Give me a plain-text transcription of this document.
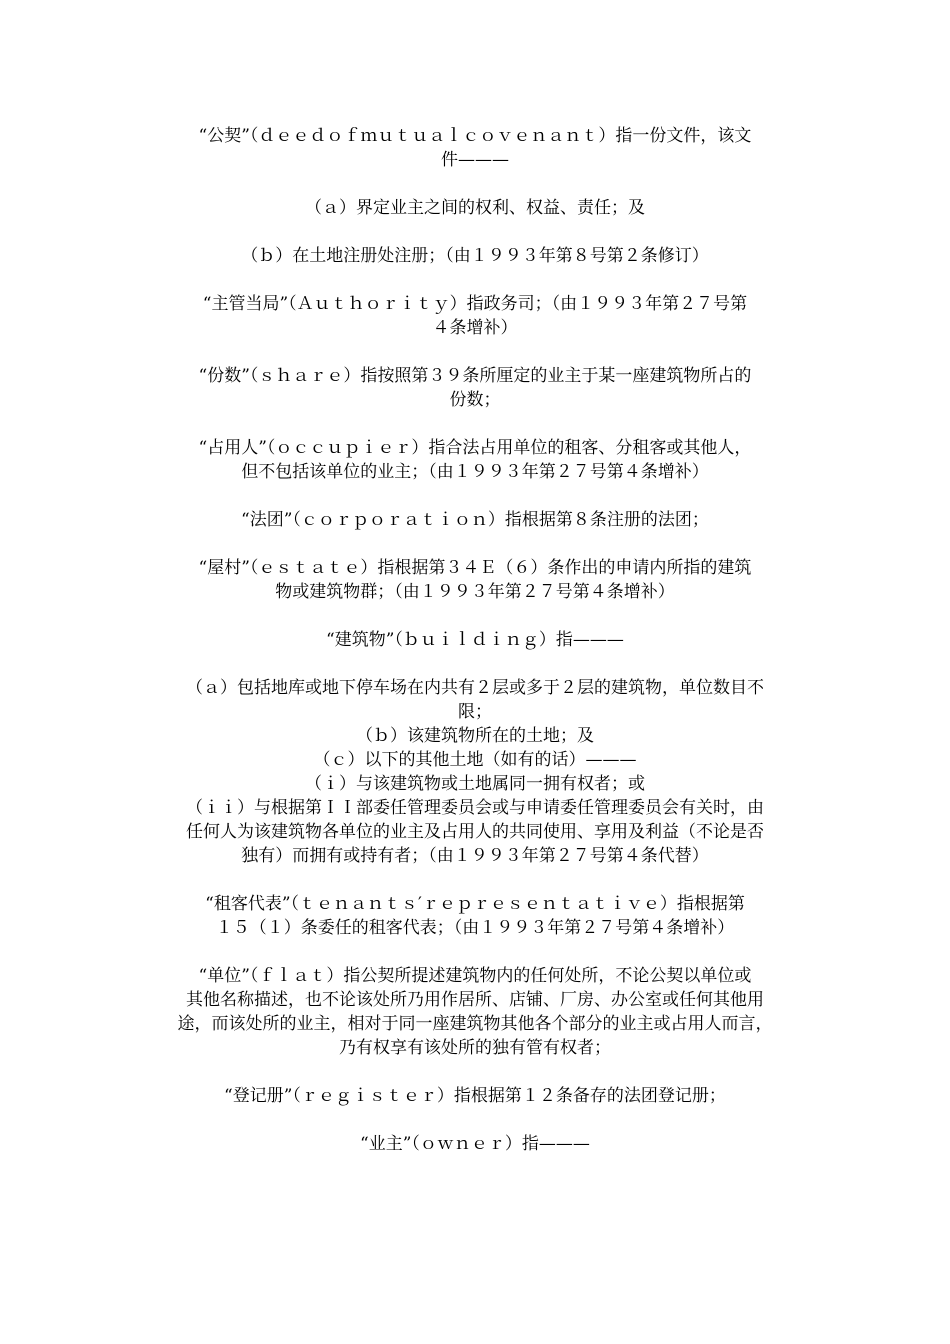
“公契”（ｄｅｅｄｏｆｍｕｔｕａｌｃｏｖｅｎａｎｔ）指一份文件，该文
件———
（ａ）界定业主之间的权利、权益、责任；及
（ｂ）在土地注册处注册；（由１９９３年第８号第２条修订）
“主管当局”（Ａｕｔｈｏｒｉｔｙ）指政务司；（由１９９３年第２７号第
４条增补）
“份数”（ｓｈａｒｅ）指按照第３９条所厘定的业主于某一座建筑物所占的
份数；
“占用人”（ｏｃｃｕｐｉｅｒ）指合法占用单位的租客、分租客或其他人，
但不包括该单位的业主；（由１９９３年第２７号第４条增补）
“法团”（ｃｏｒｐｏｒａｔｉｏｎ）指根据第８条注册的法团；
“屋村”（ｅｓｔａｔｅ）指根据第３４Ｅ（６）条作出的申请内所指的建筑
物或建筑物群；（由１９９３年第２７号第４条增补）
“建筑物”（ｂｕｉｌｄｉｎｇ）指———
（ａ）包括地库或地下停车场在内共有２层或多于２层的建筑物，单位数目不
限；
（ｂ）该建筑物所在的土地；及
（ｃ）以下的其他土地（如有的话）———
（ｉ）与该建筑物或土地属同一拥有权者；或
（ｉｉ）与根据第ＩＩ部委任管理委员会或与申请委任管理委员会有关时，由
任何人为该建筑物各单位的业主及占用人的共同使用、享用及利益（不论是否
独有）而拥有或持有者；（由１９９３年第２７号第４条代替）
“租客代表”（ｔｅｎａｎｔｓ′ｒｅｐｒｅｓｅｎｔａｔｉｖｅ）指根据第
１５（１）条委任的租客代表；（由１９９３年第２７号第４条增补）
“单位”（ｆｌａｔ）指公契所提述建筑物内的任何处所，不论公契以单位或
其他名称描述，也不论该处所乃用作居所、店铺、厂房、办公室或任何其他用
途，而该处所的业主，相对于同一座建筑物其他各个部分的业主或占用人而言，
乃有权享有该处所的独有管有权者；
“登记册”（ｒｅｇｉｓｔｅｒ）指根据第１２条备存的法团登记册；
“业主”（ｏｗｎｅｒ）指———
